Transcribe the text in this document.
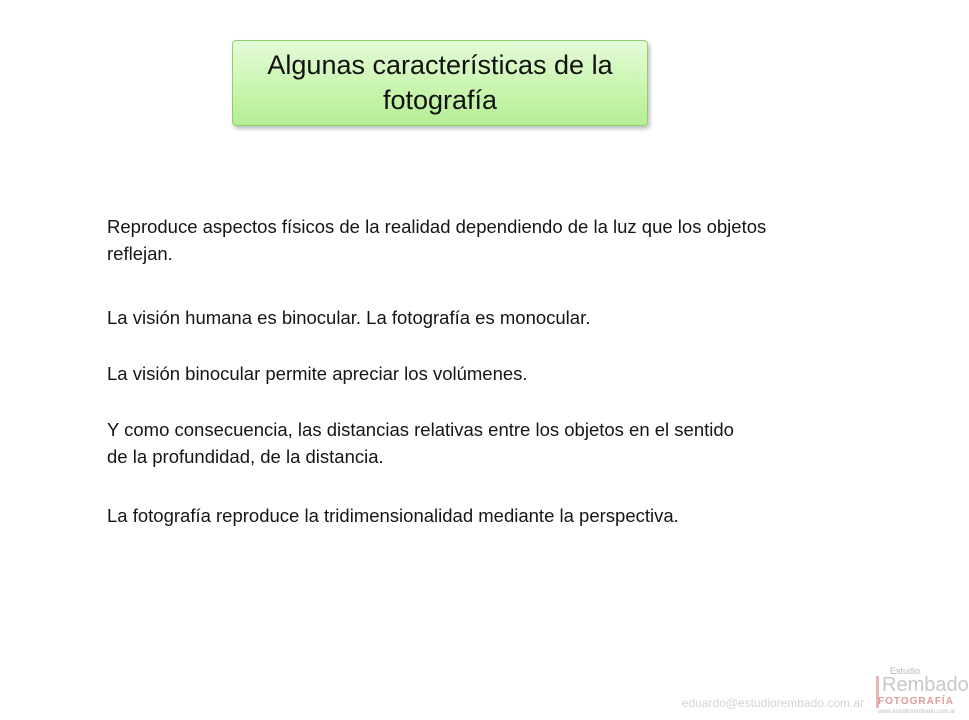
Algunas características de la fotografía

Reproduce aspectos físicos de la realidad dependiendo de la luz que los objetos reflejan.

La visión humana es binocular. La fotografía es monocular.

La visión binocular permite apreciar los volúmenes.

Y como consecuencia, las distancias relativas entre los objetos en el sentido de la profundidad, de la distancia.

La fotografía reproduce la tridimensionalidad mediante la perspectiva.

eduardo@estudiorembado.com.ar
Estudio
Rembado
FOTOGRAFÍA
www.estudiorembado.com.ar
